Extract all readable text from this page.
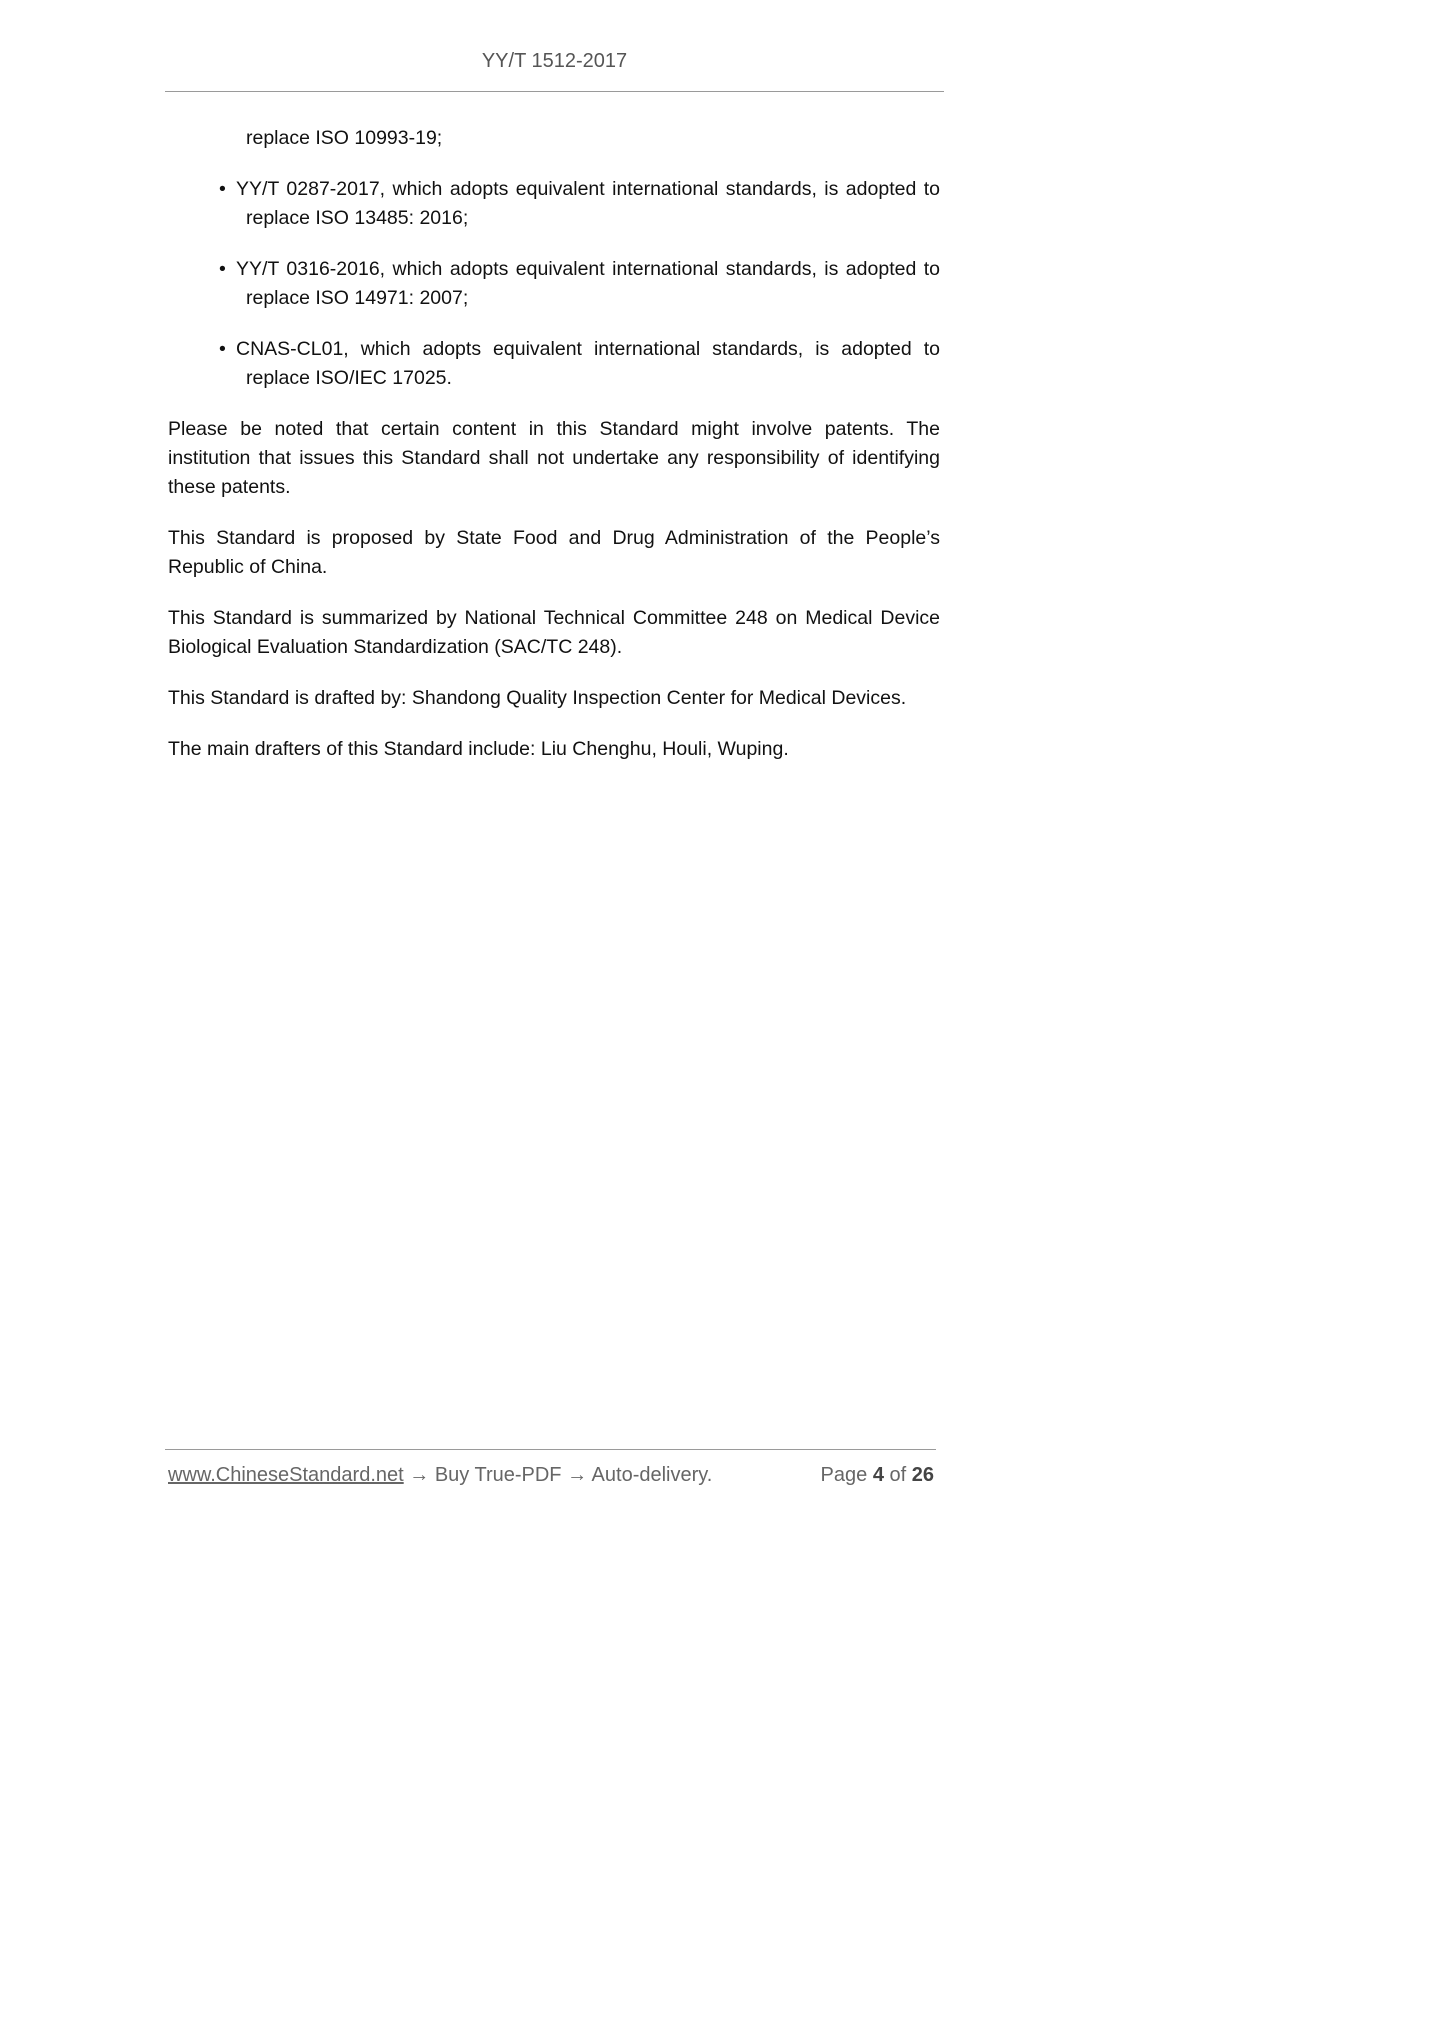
YY/T 1512-2017
replace ISO 10993-19;
• YY/T 0287-2017, which adopts equivalent international standards, is adopted to replace ISO 13485: 2016;
• YY/T 0316-2016, which adopts equivalent international standards, is adopted to replace ISO 14971: 2007;
• CNAS-CL01, which adopts equivalent international standards, is adopted to replace ISO/IEC 17025.

Please be noted that certain content in this Standard might involve patents. The institution that issues this Standard shall not undertake any responsibility of identifying these patents.

This Standard is proposed by State Food and Drug Administration of the People’s Republic of China.

This Standard is summarized by National Technical Committee 248 on Medical Device Biological Evaluation Standardization (SAC/TC 248).

This Standard is drafted by: Shandong Quality Inspection Center for Medical Devices.

The main drafters of this Standard include: Liu Chenghu, Houli, Wuping.

www.ChineseStandard.net → Buy True-PDF → Auto-delivery.	Page 4 of 26
